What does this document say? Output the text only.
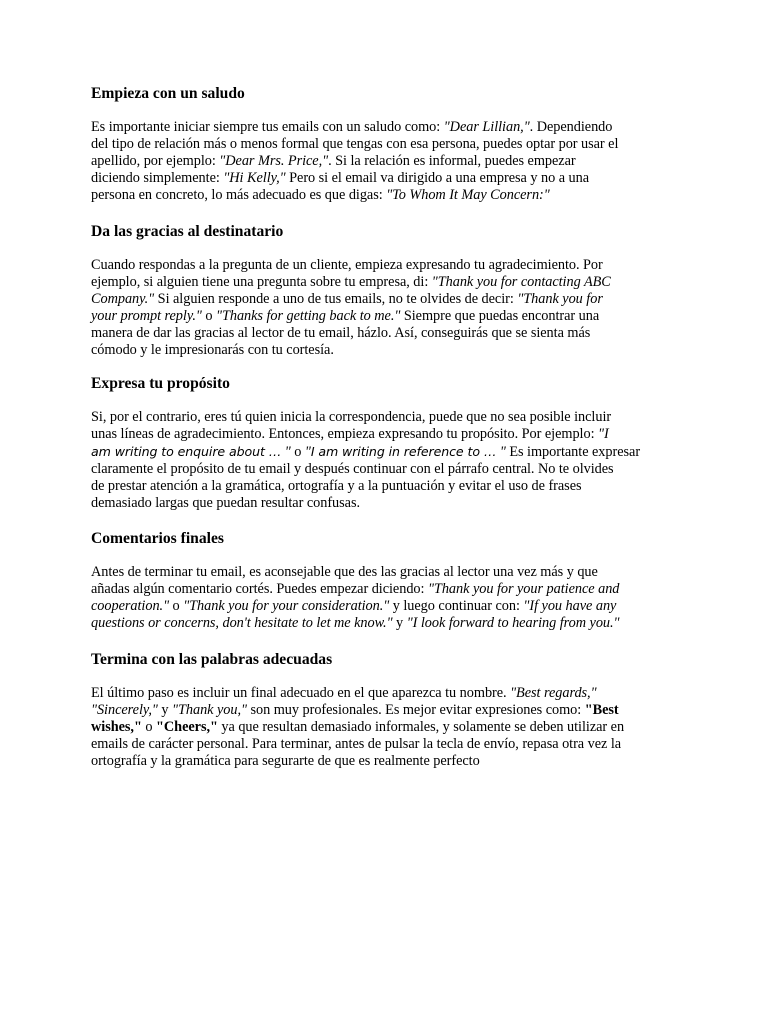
Empieza con un saludo

Es importante iniciar siempre tus emails con un saludo como: "Dear Lillian,". Dependiendo
del tipo de relación más o menos formal que tengas con esa persona, puedes optar por usar el
apellido, por ejemplo: "Dear Mrs. Price,". Si la relación es informal, puedes empezar
diciendo simplemente: "Hi Kelly," Pero si el email va dirigido a una empresa y no a una
persona en concreto, lo más adecuado es que digas: "To Whom It May Concern:"

Da las gracias al destinatario

Cuando respondas a la pregunta de un cliente, empieza expresando tu agradecimiento. Por
ejemplo, si alguien tiene una pregunta sobre tu empresa, di: "Thank you for contacting ABC
Company." Si alguien responde a uno de tus emails, no te olvides de decir: "Thank you for
your prompt reply." o "Thanks for getting back to me." Siempre que puedas encontrar una
manera de dar las gracias al lector de tu email, házlo. Así, conseguirás que se sienta más
cómodo y le impresionarás con tu cortesía.

Expresa tu propósito

Si, por el contrario, eres tú quien inicia la correspondencia, puede que no sea posible incluir
unas líneas de agradecimiento. Entonces, empieza expresando tu propósito. Por ejemplo: "I
am writing to enquire about … " o "I am writing in reference to … " Es importante expresar
claramente el propósito de tu email y después continuar con el párrafo central. No te olvides
de prestar atención a la gramática, ortografía y a la puntuación y evitar el uso de frases
demasiado largas que puedan resultar confusas.

Comentarios finales

Antes de terminar tu email, es aconsejable que des las gracias al lector una vez más y que
añadas algún comentario cortés. Puedes empezar diciendo: "Thank you for your patience and
cooperation." o "Thank you for your consideration." y luego continuar con: "If you have any
questions or concerns, don't hesitate to let me know." y "I look forward to hearing from you."

Termina con las palabras adecuadas

El último paso es incluir un final adecuado en el que aparezca tu nombre. "Best regards,"
"Sincerely," y "Thank you," son muy profesionales. Es mejor evitar expresiones como: "Best
wishes," o "Cheers," ya que resultan demasiado informales, y solamente se deben utilizar en
emails de carácter personal. Para terminar, antes de pulsar la tecla de envío, repasa otra vez la
ortografía y la gramática para segurarte de que es realmente perfecto
